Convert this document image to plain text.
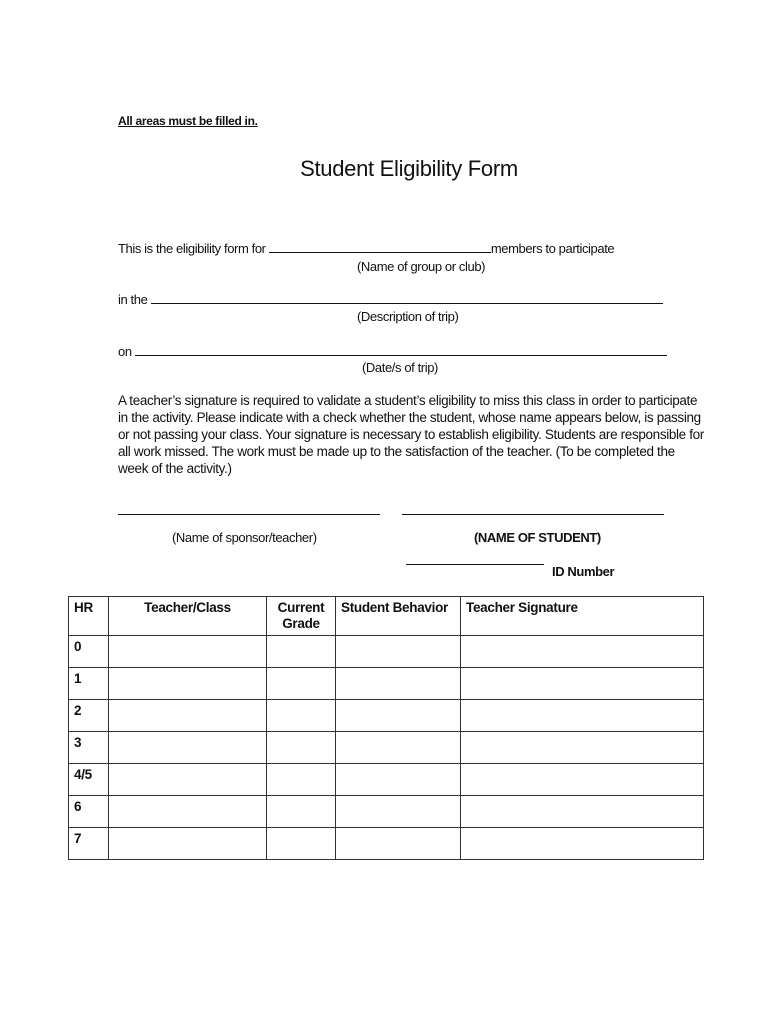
All areas must be filled in.
Student Eligibility Form
This is the eligibility form for	members to participate
(Name of group or club)
in the
(Description of trip)
on
(Date/s of trip)
A teacher’s signature is required to validate a student’s eligibility to miss this class in order to participate in the activity. Please indicate with a check whether the student, whose name appears below, is passing or not passing your class. Your signature is necessary to establish eligibility. Students are responsible for all work missed. The work must be made up to the satisfaction of the teacher. (To be completed the week of the activity.)
(Name of sponsor/teacher)	(NAME OF STUDENT)
ID Number
HR	Teacher/Class	Current Grade	Student Behavior	Teacher Signature
0				
1				
2				
3				
4/5				
6				
7				
